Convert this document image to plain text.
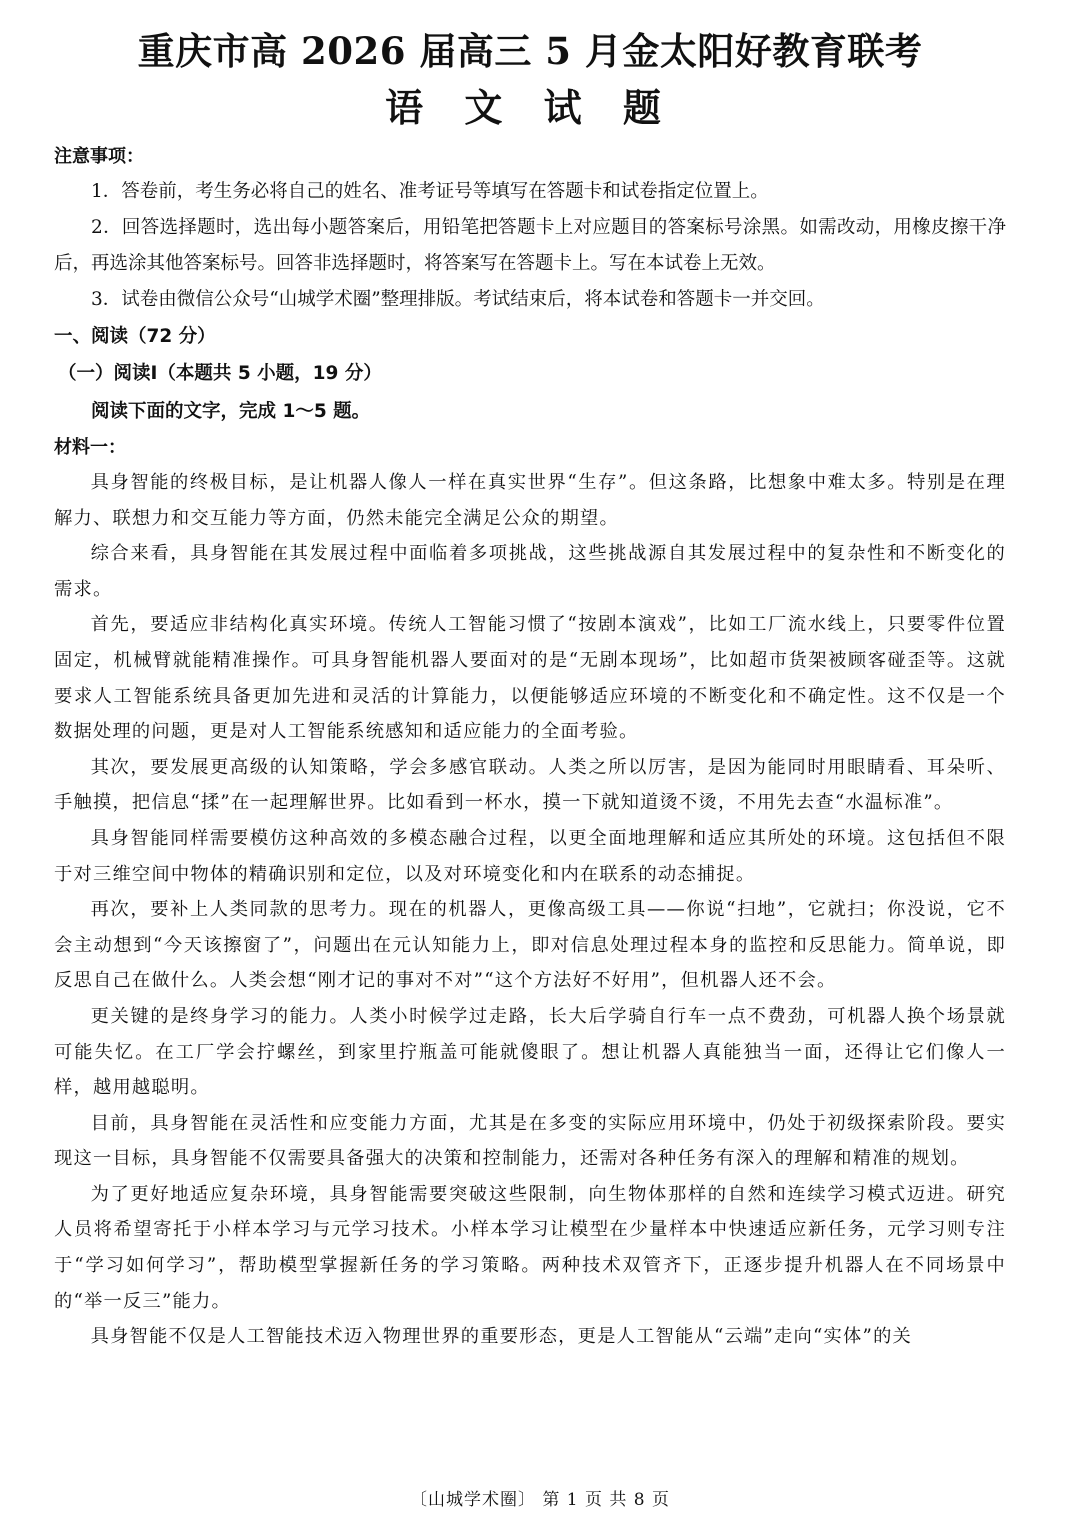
重庆市高 2026 届高三 5 月金太阳好教育联考
语 文 试 题
注意事项：

1．答卷前，考生务必将自己的姓名、准考证号等填写在答题卡和试卷指定位置上。

2．回答选择题时，选出每小题答案后，用铅笔把答题卡上对应题目的答案标号涂黑。如需改动，用橡皮擦干净后，再选涂其他答案标号。回答非选择题时，将答案写在答题卡上。写在本试卷上无效。

3．试卷由微信公众号“山城学术圈”整理排版。考试结束后，将本试卷和答题卡一并交回。

一、阅读（72 分）
（一）阅读Ⅰ（本题共 5 小题，19 分）
阅读下面的文字，完成 1～5 题。
材料一：

具身智能的终极目标，是让机器人像人一样在真实世界“生存”。但这条路，比想象中难太多。特别是在理解力、联想力和交互能力等方面，仍然未能完全满足公众的期望。

综合来看，具身智能在其发展过程中面临着多项挑战，这些挑战源自其发展过程中的复杂性和不断变化的需求。

首先，要适应非结构化真实环境。传统人工智能习惯了“按剧本演戏”，比如工厂流水线上，只要零件位置固定，机械臂就能精准操作。可具身智能机器人要面对的是“无剧本现场”，比如超市货架被顾客碰歪等。这就要求人工智能系统具备更加先进和灵活的计算能力，以便能够适应环境的不断变化和不确定性。这不仅是一个数据处理的问题，更是对人工智能系统感知和适应能力的全面考验。

其次，要发展更高级的认知策略，学会多感官联动。人类之所以厉害，是因为能同时用眼睛看、耳朵听、手触摸，把信息“揉”在一起理解世界。比如看到一杯水，摸一下就知道烫不烫，不用先去查“水温标准”。

具身智能同样需要模仿这种高效的多模态融合过程，以更全面地理解和适应其所处的环境。这包括但不限于对三维空间中物体的精确识别和定位，以及对环境变化和内在联系的动态捕捉。

再次，要补上人类同款的思考力。现在的机器人，更像高级工具——你说“扫地”，它就扫；你没说，它不会主动想到“今天该擦窗了”，问题出在元认知能力上，即对信息处理过程本身的监控和反思能力。简单说，即反思自己在做什么。人类会想“刚才记的事对不对”“这个方法好不好用”，但机器人还不会。

更关键的是终身学习的能力。人类小时候学过走路，长大后学骑自行车一点不费劲，可机器人换个场景就可能失忆。在工厂学会拧螺丝，到家里拧瓶盖可能就傻眼了。想让机器人真能独当一面，还得让它们像人一样，越用越聪明。

目前，具身智能在灵活性和应变能力方面，尤其是在多变的实际应用环境中，仍处于初级探索阶段。要实现这一目标，具身智能不仅需要具备强大的决策和控制能力，还需对各种任务有深入的理解和精准的规划。

为了更好地适应复杂环境，具身智能需要突破这些限制，向生物体那样的自然和连续学习模式迈进。研究人员将希望寄托于小样本学习与元学习技术。小样本学习让模型在少量样本中快速适应新任务，元学习则专注于“学习如何学习”，帮助模型掌握新任务的学习策略。两种技术双管齐下，正逐步提升机器人在不同场景中的“举一反三”能力。

具身智能不仅是人工智能技术迈入物理世界的重要形态，更是人工智能从“云端”走向“实体”的关

〔山城学术圈〕 第 1 页 共 8 页
